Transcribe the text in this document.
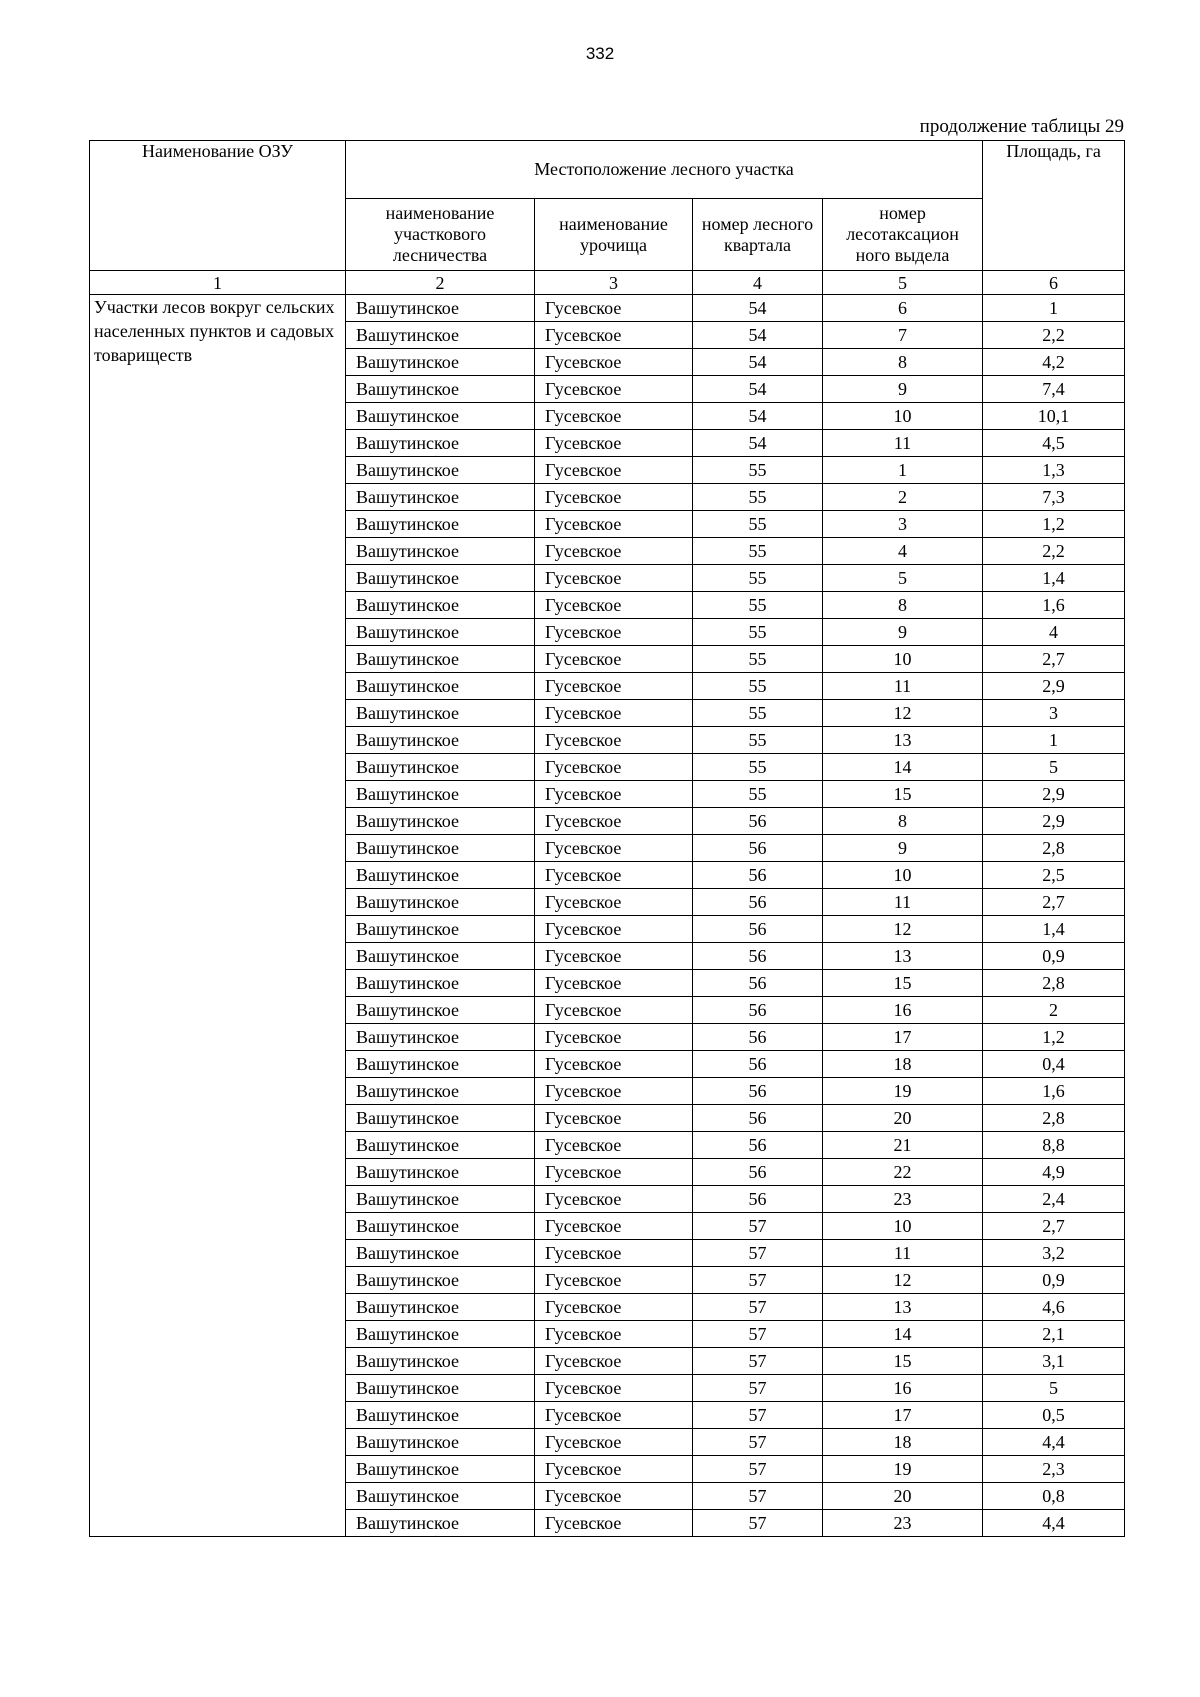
332
продолжение таблицы 29
Наименование ОЗУ	Местоположение лесного участка				Площадь, га
	наименование участкового лесничества	наименование урочища	номер лесного квартала	номер лесотаксацион ного выдела	
1	2	3	4	5	6
Участки лесов вокруг сельских населенных пунктов и садовых товариществ	Вашутинское	Гусевское	54	6	1
	Вашутинское	Гусевское	54	7	2,2
	Вашутинское	Гусевское	54	8	4,2
	Вашутинское	Гусевское	54	9	7,4
	Вашутинское	Гусевское	54	10	10,1
	Вашутинское	Гусевское	54	11	4,5
	Вашутинское	Гусевское	55	1	1,3
	Вашутинское	Гусевское	55	2	7,3
	Вашутинское	Гусевское	55	3	1,2
	Вашутинское	Гусевское	55	4	2,2
	Вашутинское	Гусевское	55	5	1,4
	Вашутинское	Гусевское	55	8	1,6
	Вашутинское	Гусевское	55	9	4
	Вашутинское	Гусевское	55	10	2,7
	Вашутинское	Гусевское	55	11	2,9
	Вашутинское	Гусевское	55	12	3
	Вашутинское	Гусевское	55	13	1
	Вашутинское	Гусевское	55	14	5
	Вашутинское	Гусевское	55	15	2,9
	Вашутинское	Гусевское	56	8	2,9
	Вашутинское	Гусевское	56	9	2,8
	Вашутинское	Гусевское	56	10	2,5
	Вашутинское	Гусевское	56	11	2,7
	Вашутинское	Гусевское	56	12	1,4
	Вашутинское	Гусевское	56	13	0,9
	Вашутинское	Гусевское	56	15	2,8
	Вашутинское	Гусевское	56	16	2
	Вашутинское	Гусевское	56	17	1,2
	Вашутинское	Гусевское	56	18	0,4
	Вашутинское	Гусевское	56	19	1,6
	Вашутинское	Гусевское	56	20	2,8
	Вашутинское	Гусевское	56	21	8,8
	Вашутинское	Гусевское	56	22	4,9
	Вашутинское	Гусевское	56	23	2,4
	Вашутинское	Гусевское	57	10	2,7
	Вашутинское	Гусевское	57	11	3,2
	Вашутинское	Гусевское	57	12	0,9
	Вашутинское	Гусевское	57	13	4,6
	Вашутинское	Гусевское	57	14	2,1
	Вашутинское	Гусевское	57	15	3,1
	Вашутинское	Гусевское	57	16	5
	Вашутинское	Гусевское	57	17	0,5
	Вашутинское	Гусевское	57	18	4,4
	Вашутинское	Гусевское	57	19	2,3
	Вашутинское	Гусевское	57	20	0,8
	Вашутинское	Гусевское	57	23	4,4
